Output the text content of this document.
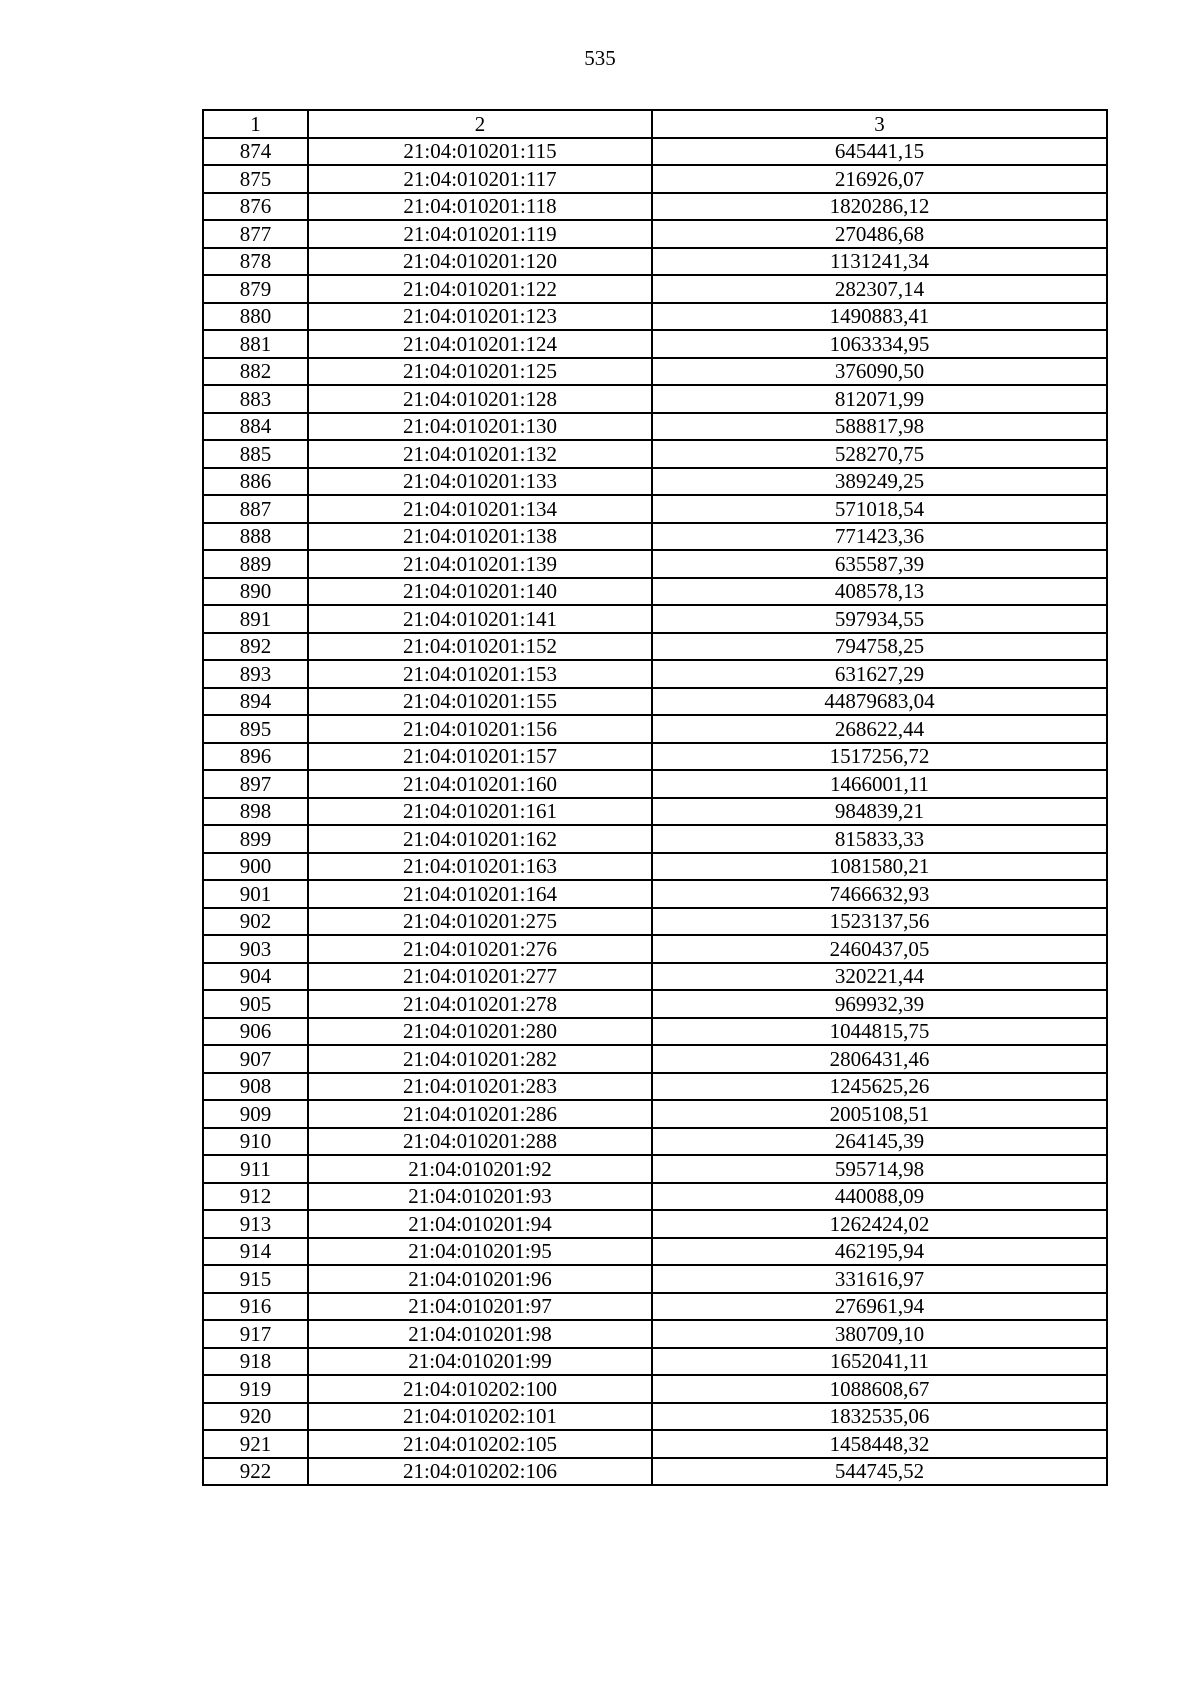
535
1	2	3
874	21:04:010201:115	645441,15
875	21:04:010201:117	216926,07
876	21:04:010201:118	1820286,12
877	21:04:010201:119	270486,68
878	21:04:010201:120	1131241,34
879	21:04:010201:122	282307,14
880	21:04:010201:123	1490883,41
881	21:04:010201:124	1063334,95
882	21:04:010201:125	376090,50
883	21:04:010201:128	812071,99
884	21:04:010201:130	588817,98
885	21:04:010201:132	528270,75
886	21:04:010201:133	389249,25
887	21:04:010201:134	571018,54
888	21:04:010201:138	771423,36
889	21:04:010201:139	635587,39
890	21:04:010201:140	408578,13
891	21:04:010201:141	597934,55
892	21:04:010201:152	794758,25
893	21:04:010201:153	631627,29
894	21:04:010201:155	44879683,04
895	21:04:010201:156	268622,44
896	21:04:010201:157	1517256,72
897	21:04:010201:160	1466001,11
898	21:04:010201:161	984839,21
899	21:04:010201:162	815833,33
900	21:04:010201:163	1081580,21
901	21:04:010201:164	7466632,93
902	21:04:010201:275	1523137,56
903	21:04:010201:276	2460437,05
904	21:04:010201:277	320221,44
905	21:04:010201:278	969932,39
906	21:04:010201:280	1044815,75
907	21:04:010201:282	2806431,46
908	21:04:010201:283	1245625,26
909	21:04:010201:286	2005108,51
910	21:04:010201:288	264145,39
911	21:04:010201:92	595714,98
912	21:04:010201:93	440088,09
913	21:04:010201:94	1262424,02
914	21:04:010201:95	462195,94
915	21:04:010201:96	331616,97
916	21:04:010201:97	276961,94
917	21:04:010201:98	380709,10
918	21:04:010201:99	1652041,11
919	21:04:010202:100	1088608,67
920	21:04:010202:101	1832535,06
921	21:04:010202:105	1458448,32
922	21:04:010202:106	544745,52
